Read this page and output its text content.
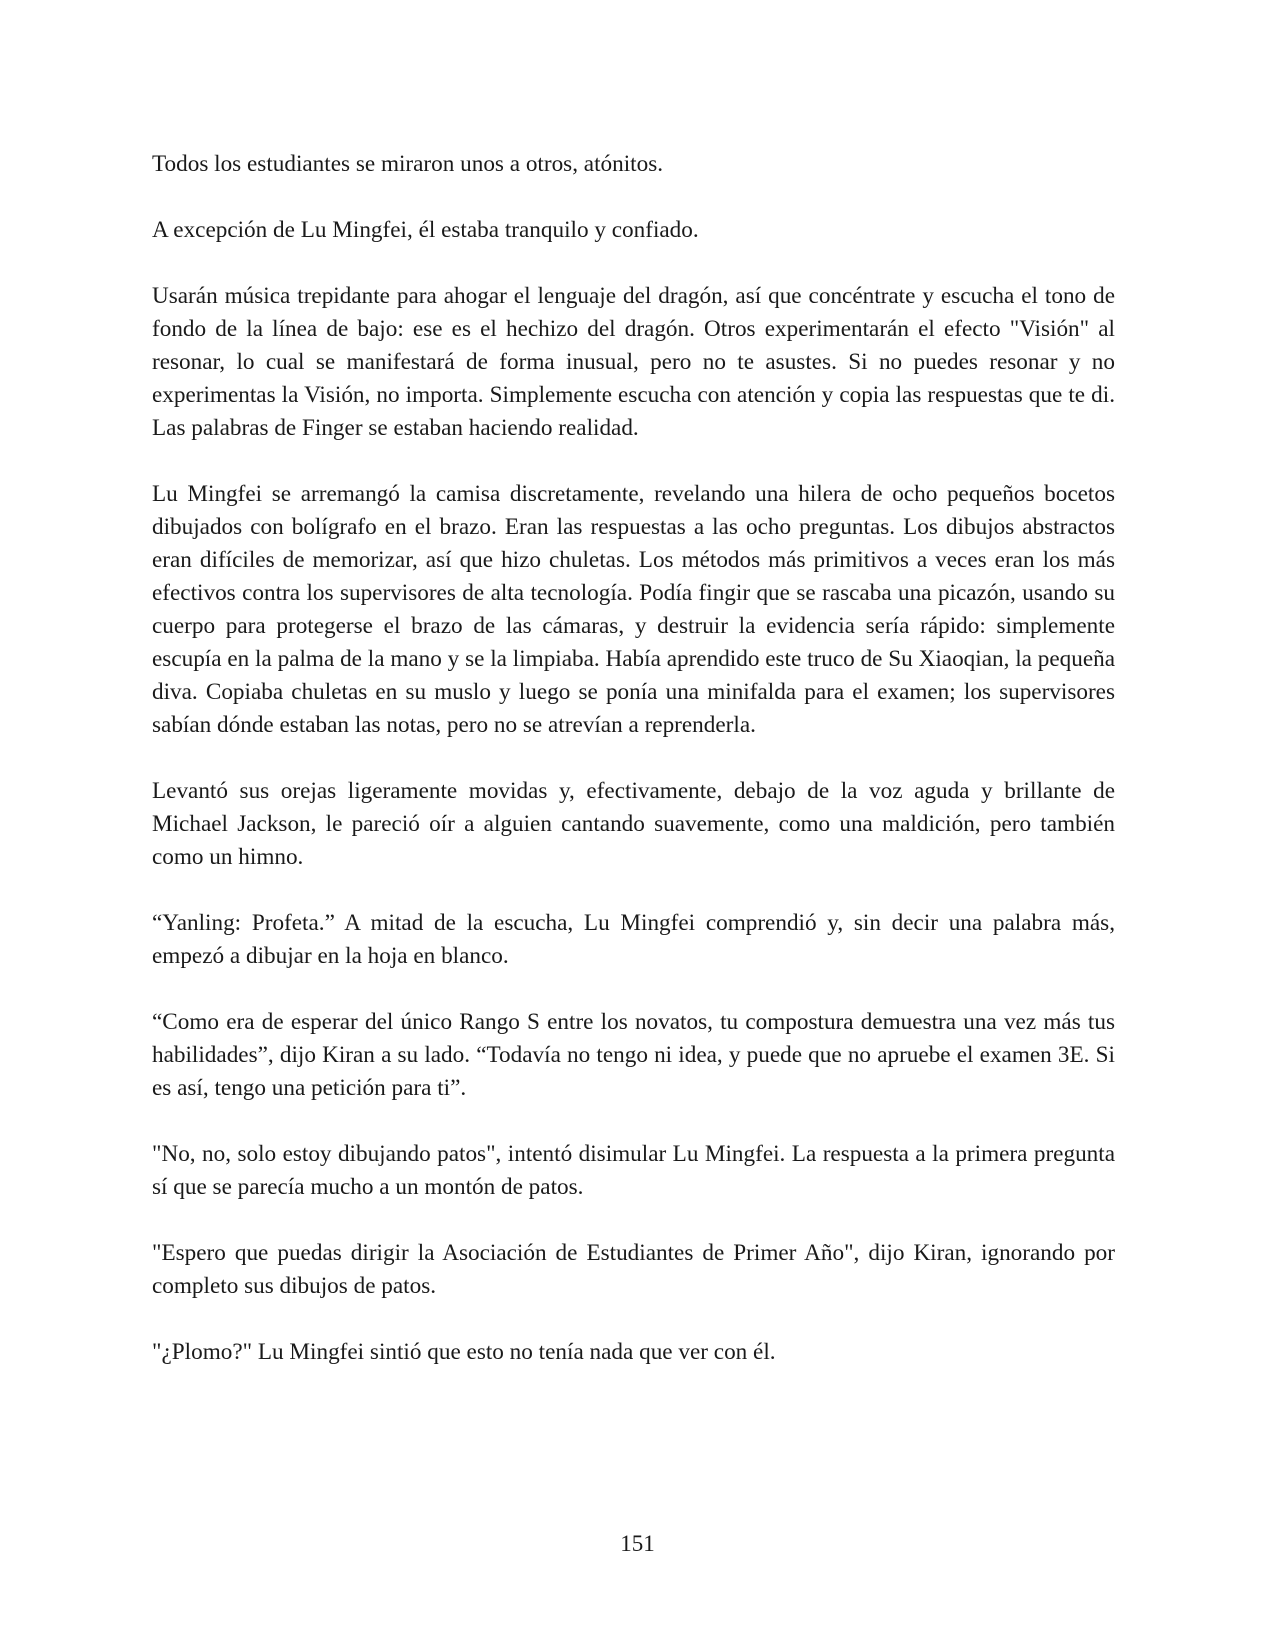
Todos los estudiantes se miraron unos a otros, atónitos.

A excepción de Lu Mingfei, él estaba tranquilo y confiado.

Usarán música trepidante para ahogar el lenguaje del dragón, así que concéntrate y escucha el tono de fondo de la línea de bajo: ese es el hechizo del dragón. Otros experimentarán el efecto "Visión" al resonar, lo cual se manifestará de forma inusual, pero no te asustes. Si no puedes resonar y no experimentas la Visión, no importa. Simplemente escucha con atención y copia las respuestas que te di. Las palabras de Finger se estaban haciendo realidad.

Lu Mingfei se arremangó la camisa discretamente, revelando una hilera de ocho pequeños bocetos dibujados con bolígrafo en el brazo. Eran las respuestas a las ocho preguntas. Los dibujos abstractos eran difíciles de memorizar, así que hizo chuletas. Los métodos más primitivos a veces eran los más efectivos contra los supervisores de alta tecnología. Podía fingir que se rascaba una picazón, usando su cuerpo para protegerse el brazo de las cámaras, y destruir la evidencia sería rápido: simplemente escupía en la palma de la mano y se la limpiaba. Había aprendido este truco de Su Xiaoqian, la pequeña diva. Copiaba chuletas en su muslo y luego se ponía una minifalda para el examen; los supervisores sabían dónde estaban las notas, pero no se atrevían a reprenderla.

Levantó sus orejas ligeramente movidas y, efectivamente, debajo de la voz aguda y brillante de Michael Jackson, le pareció oír a alguien cantando suavemente, como una maldición, pero también como un himno.

“Yanling: Profeta.” A mitad de la escucha, Lu Mingfei comprendió y, sin decir una palabra más, empezó a dibujar en la hoja en blanco.

“Como era de esperar del único Rango S entre los novatos, tu compostura demuestra una vez más tus habilidades”, dijo Kiran a su lado. “Todavía no tengo ni idea, y puede que no apruebe el examen 3E. Si es así, tengo una petición para ti”.

"No, no, solo estoy dibujando patos", intentó disimular Lu Mingfei. La respuesta a la primera pregunta sí que se parecía mucho a un montón de patos.

"Espero que puedas dirigir la Asociación de Estudiantes de Primer Año", dijo Kiran, ignorando por completo sus dibujos de patos.

"¿Plomo?" Lu Mingfei sintió que esto no tenía nada que ver con él.

151
